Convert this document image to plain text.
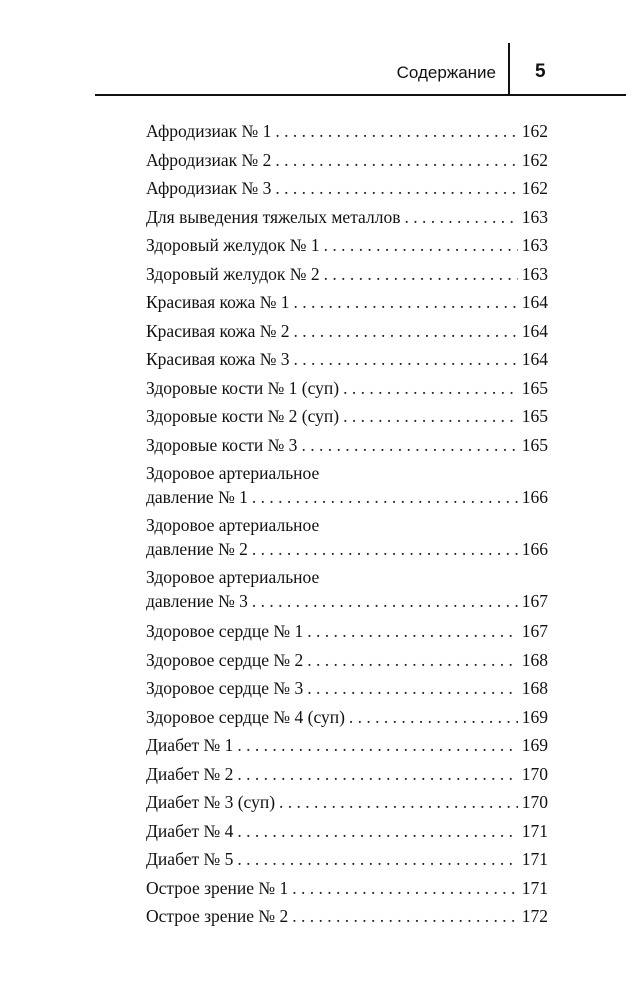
Содержание 5
Афродизиак № 1 . . .	162
Афродизиак № 2 . . .	162
Афродизиак № 3 . . .	162
Для выведения тяжелых металлов . . .	163
Здоровый желудок № 1 . . .	163
Здоровый желудок № 2 . . .	163
Красивая кожа № 1 . . .	164
Красивая кожа № 2 . . .	164
Красивая кожа № 3 . . .	164
Здоровые кости № 1 (суп) . . .	165
Здоровые кости № 2 (суп) . . .	165
Здоровые кости № 3 . . .	165
Здоровое артериальное
давление № 1 . . .	166
Здоровое артериальное
давление № 2 . . .	166
Здоровое артериальное
давление № 3 . . .	167
Здоровое сердце № 1 . . .	167
Здоровое сердце № 2 . . .	168
Здоровое сердце № 3 . . .	168
Здоровое сердце № 4 (суп) . . .	169
Диабет № 1 . . .	169
Диабет № 2 . . .	170
Диабет № 3 (суп) . . .	170
Диабет № 4 . . .	171
Диабет № 5 . . .	171
Острое зрение № 1 . . .	171
Острое зрение № 2 . . .	172
